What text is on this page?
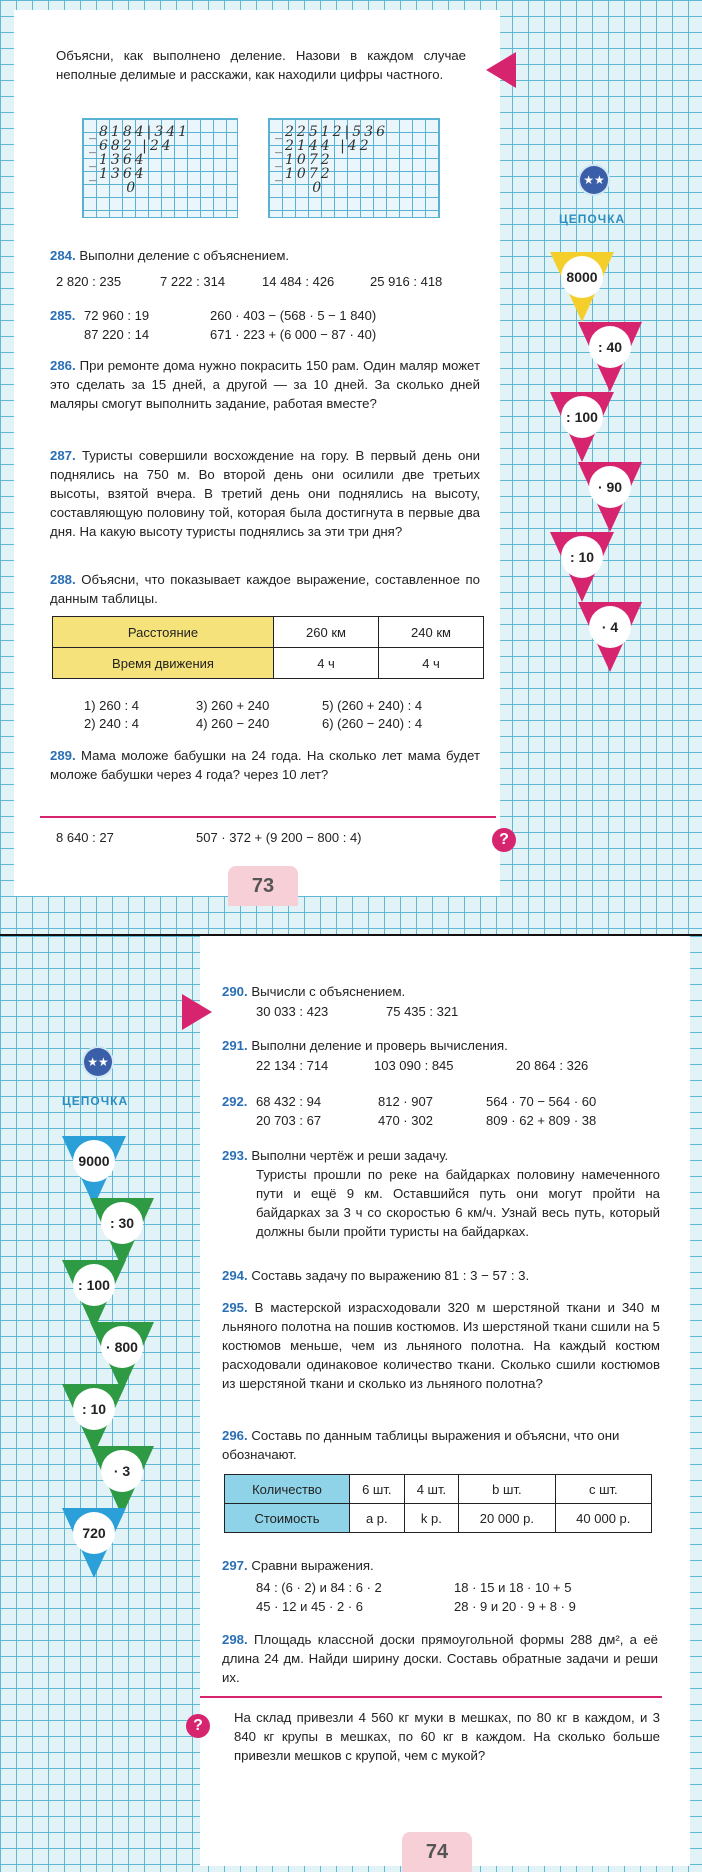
Объясни, как выполнено деление. Назови в каждом случае неполные делимые и расскажи, как находили цифры частного.
_8184|341
_682 |24
_1364
_1364
0
_22512|536
_2144 |42
_1072
_1072
0
284. Выполни деление с объяснением.
2 820 : 235	7 222 : 314	14 484 : 426	25 916 : 418
285. 72 960 : 19	260 · 403 − (568 · 5 − 1 840)
87 220 : 14	671 · 223 + (6 000 − 87 · 40)
286. При ремонте дома нужно покрасить 150 рам. Один маляр может это сделать за 15 дней, а другой — за 10 дней. За сколько дней маляры смогут выполнить задание, работая вместе?
287. Туристы совершили восхождение на гору. В первый день они поднялись на 750 м. Во второй день они осилили две третьих высоты, взятой вчера. В третий день они поднялись на высоту, составляющую половину той, которая была достигнута в первые два дня. На какую высоту туристы поднялись за эти три дня?
288. Объясни, что показывает каждое выражение, составленное по данным таблицы.
Расстояние	260 км	240 км
Время движения	4 ч	4 ч
1) 260 : 4	3) 260 + 240	5) (260 + 240) : 4
2) 240 : 4	4) 260 − 240	6) (260 − 240) : 4
289. Мама моложе бабушки на 24 года. На сколько лет мама будет моложе бабушки через 4 года? через 10 лет?
8 640 : 27	507 · 372 + (9 200 − 800 : 4)	?
73
★★
ЦЕПОЧКА
8000
: 40
: 100
· 90
: 10
· 4
290. Вычисли с объяснением.
30 033 : 423	75 435 : 321
291. Выполни деление и проверь вычисления.
22 134 : 714	103 090 : 845	20 864 : 326
292. 68 432 : 94	812 · 907	564 · 70 − 564 · 60
20 703 : 67	470 · 302	809 · 62 + 809 · 38
293. Выполни чертёж и реши задачу.
Туристы прошли по реке на байдарках половину намеченного пути и ещё 9 км. Оставшийся путь они могут пройти на байдарках за 3 ч со скоростью 6 км/ч. Узнай весь путь, который должны были пройти туристы на байдарках.
294. Составь задачу по выражению 81 : 3 − 57 : 3.
295. В мастерской израсходовали 320 м шерстяной ткани и 340 м льняного полотна на пошив костюмов. Из шерстяной ткани сшили на 5 костюмов меньше, чем из льняного полотна. На каждый костюм расходовали одинаковое количество ткани. Сколько сшили костюмов из шерстяной ткани и сколько из льняного полотна?
296. Составь по данным таблицы выражения и объясни, что они обозначают.
Количество	6 шт.	4 шт.	b шт.	c шт.
Стоимость	a р.	k р.	20 000 р.	40 000 р.
297. Сравни выражения.
84 : (6 · 2) и 84 : 6 · 2	18 · 15 и 18 · 10 + 5
45 · 12 и 45 · 2 · 6	28 · 9 и 20 · 9 + 8 · 9
298. Площадь классной доски прямоугольной формы 288 дм², а её длина 24 дм. Найди ширину доски. Составь обратные задачи и реши их.
?	На склад привезли 4 560 кг муки в мешках, по 80 кг в каждом, и 3 840 кг крупы в мешках, по 60 кг в каждом. На сколько больше привезли мешков с крупой, чем с мукой?
74
★★
ЦЕПОЧКА
9000
: 30
: 100
· 800
: 10
· 3
720
